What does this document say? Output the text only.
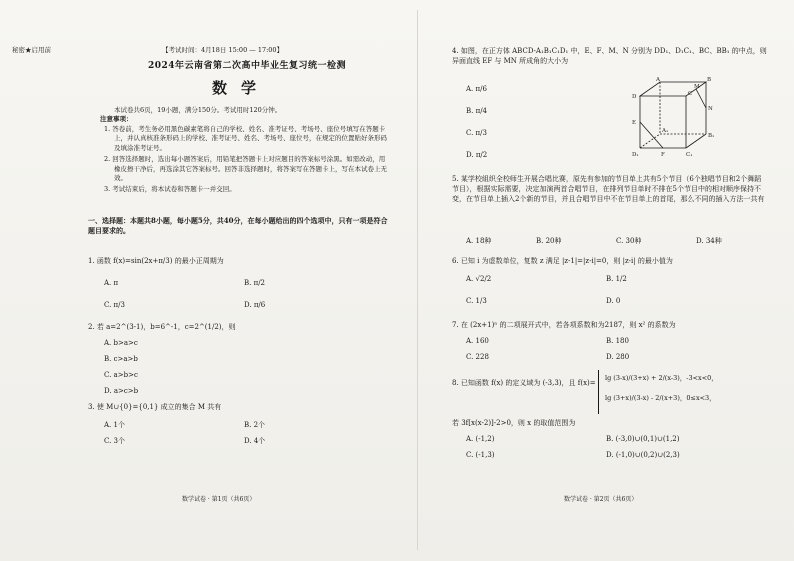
秘密★启用前	【考试时间：4月18日 15:00 — 17:00】
2024年云南省第二次高中毕业生复习统一检测
数学

本试卷共6页，19小题，满分150分。考试用时120分钟。

注意事项：

1. 答卷前，考生务必用黑色碳素笔将自己的学校、姓名、准考证号、考场号、座位号填写在答题卡上，并认真核准条形码上的学校、准考证号、姓名、考场号、座位号，在规定的位置贴好条形码及填涂准考证号。
2. 回答选择题时，选出每小题答案后，用铅笔把答题卡上对应题目的答案标号涂黑。如需改动，用橡皮擦干净后，再选涂其它答案标号。回答非选择题时，将答案写在答题卡上，写在本试卷上无效。
3. 考试结束后，将本试卷和答题卡一并交回。
一、选择题：本题共8小题，每小题5分，共40分，在每小题给出的四个选项中，只有一项是符合题目要求的。
1. 函数 f(x)=sin(2x+π/3) 的最小正周期为
A. π	B. π/2
C. π/3	D. π/6
2. 若 a=2^(3-1)，b=6^-1，c=2^(1/2)，则
A. b>a>c
B. c>a>b
C. a>b>c
D. a>c>b
3. 使 M∪{0}={0,1} 成立的集合 M 共有
A. 1个	B. 2个
C. 3个	D. 4个
数学试卷 · 第1页（共6页）
4. 如图，在正方体 ABCD-A₁B₁C₁D₁ 中，E、F、M、N 分别为 DD₁、D₁C₁、BC、BB₁ 的中点，则异面直线 EF 与 MN 所成角的大小为
A. π/6
B. π/4
C. π/3
D. π/2
A	B
C
D
A₁
B₁
C₁
D₁
E
F
M
N
5. 某学校組织全校师生开展合唱比赛，原先有参加的节目单上共有5个节目（6个独唱节目和2个舞蹈节目），根据实际需要，决定加演两首合唱节目，在排列节目单时不排在5个节目中的相对顺序保持不变，在节目单上插入2个新的节目，并且合唱节目中不在节目单上的首尾，那么不同的插入方法一共有
A. 18种	B. 20种	C. 30种	D. 34种
6. 已知 i 为虚数单位，复数 z 满足 |z-1|=|z-i|=0，则 |z-i| 的最小值为
A. √2/2	B. 1/2
C. 1/3	D. 0
7. 在 (2x+1)ⁿ 的二项展开式中，若各项系数和为2187，则 x² 的系数为
A. 160	B. 180
C. 228	D. 280
8. 已知函数 f(x) 的定义域为 (-3,3)，且 f(x)=
lg (3-x)/(3+x) + 2/(x-3)，-3<x<0，
lg (3+x)/(3-x) - 2/(x+3)，0≤x<3，
若 3f[x(x-2)]-2>0，则 x 的取值范围为
A. (-1,2)	B. (-3,0)∪(0,1)∪(1,2)
C. (-1,3)	D. (-1,0)∪(0,2)∪(2,3)
数学试卷 · 第2页（共6页）
